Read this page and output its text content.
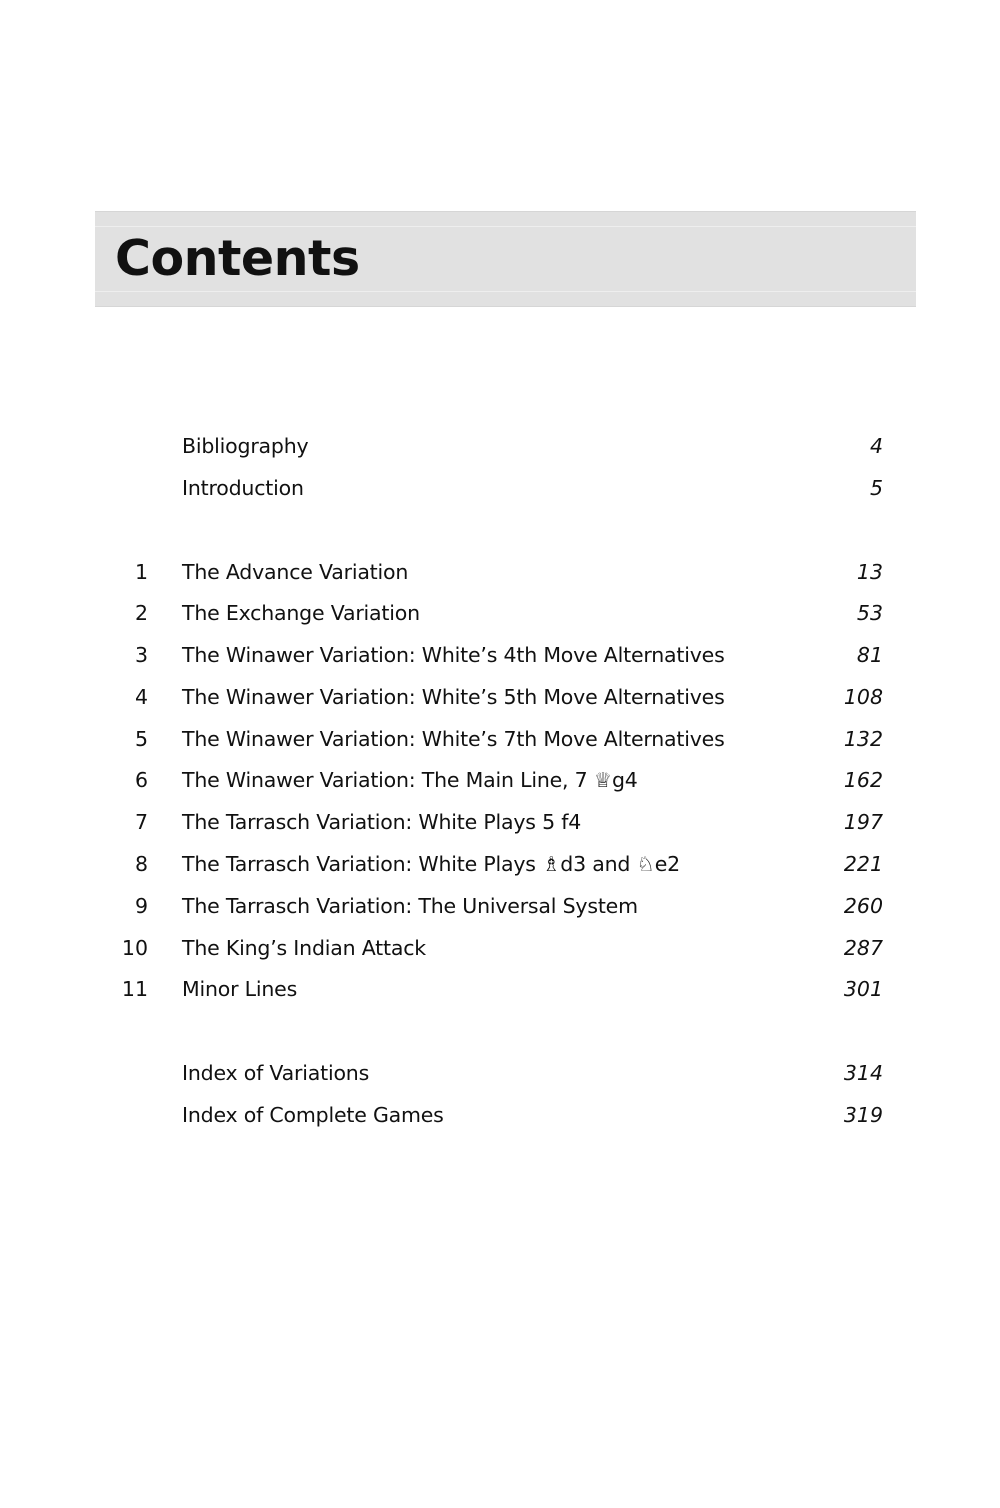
Contents
Bibliography	4
Introduction	5
1 The Advance Variation	13
2 The Exchange Variation	53
3 The Winawer Variation: White’s 4th Move Alternatives	81
4 The Winawer Variation: White’s 5th Move Alternatives	108
5 The Winawer Variation: White’s 7th Move Alternatives	132
6 The Winawer Variation: The Main Line, 7 ♕g4	162
7 The Tarrasch Variation: White Plays 5 f4	197
8 The Tarrasch Variation: White Plays ♗d3 and ♘e2	221
9 The Tarrasch Variation: The Universal System	260
10 The King’s Indian Attack	287
11 Minor Lines	301
Index of Variations	314
Index of Complete Games	319
